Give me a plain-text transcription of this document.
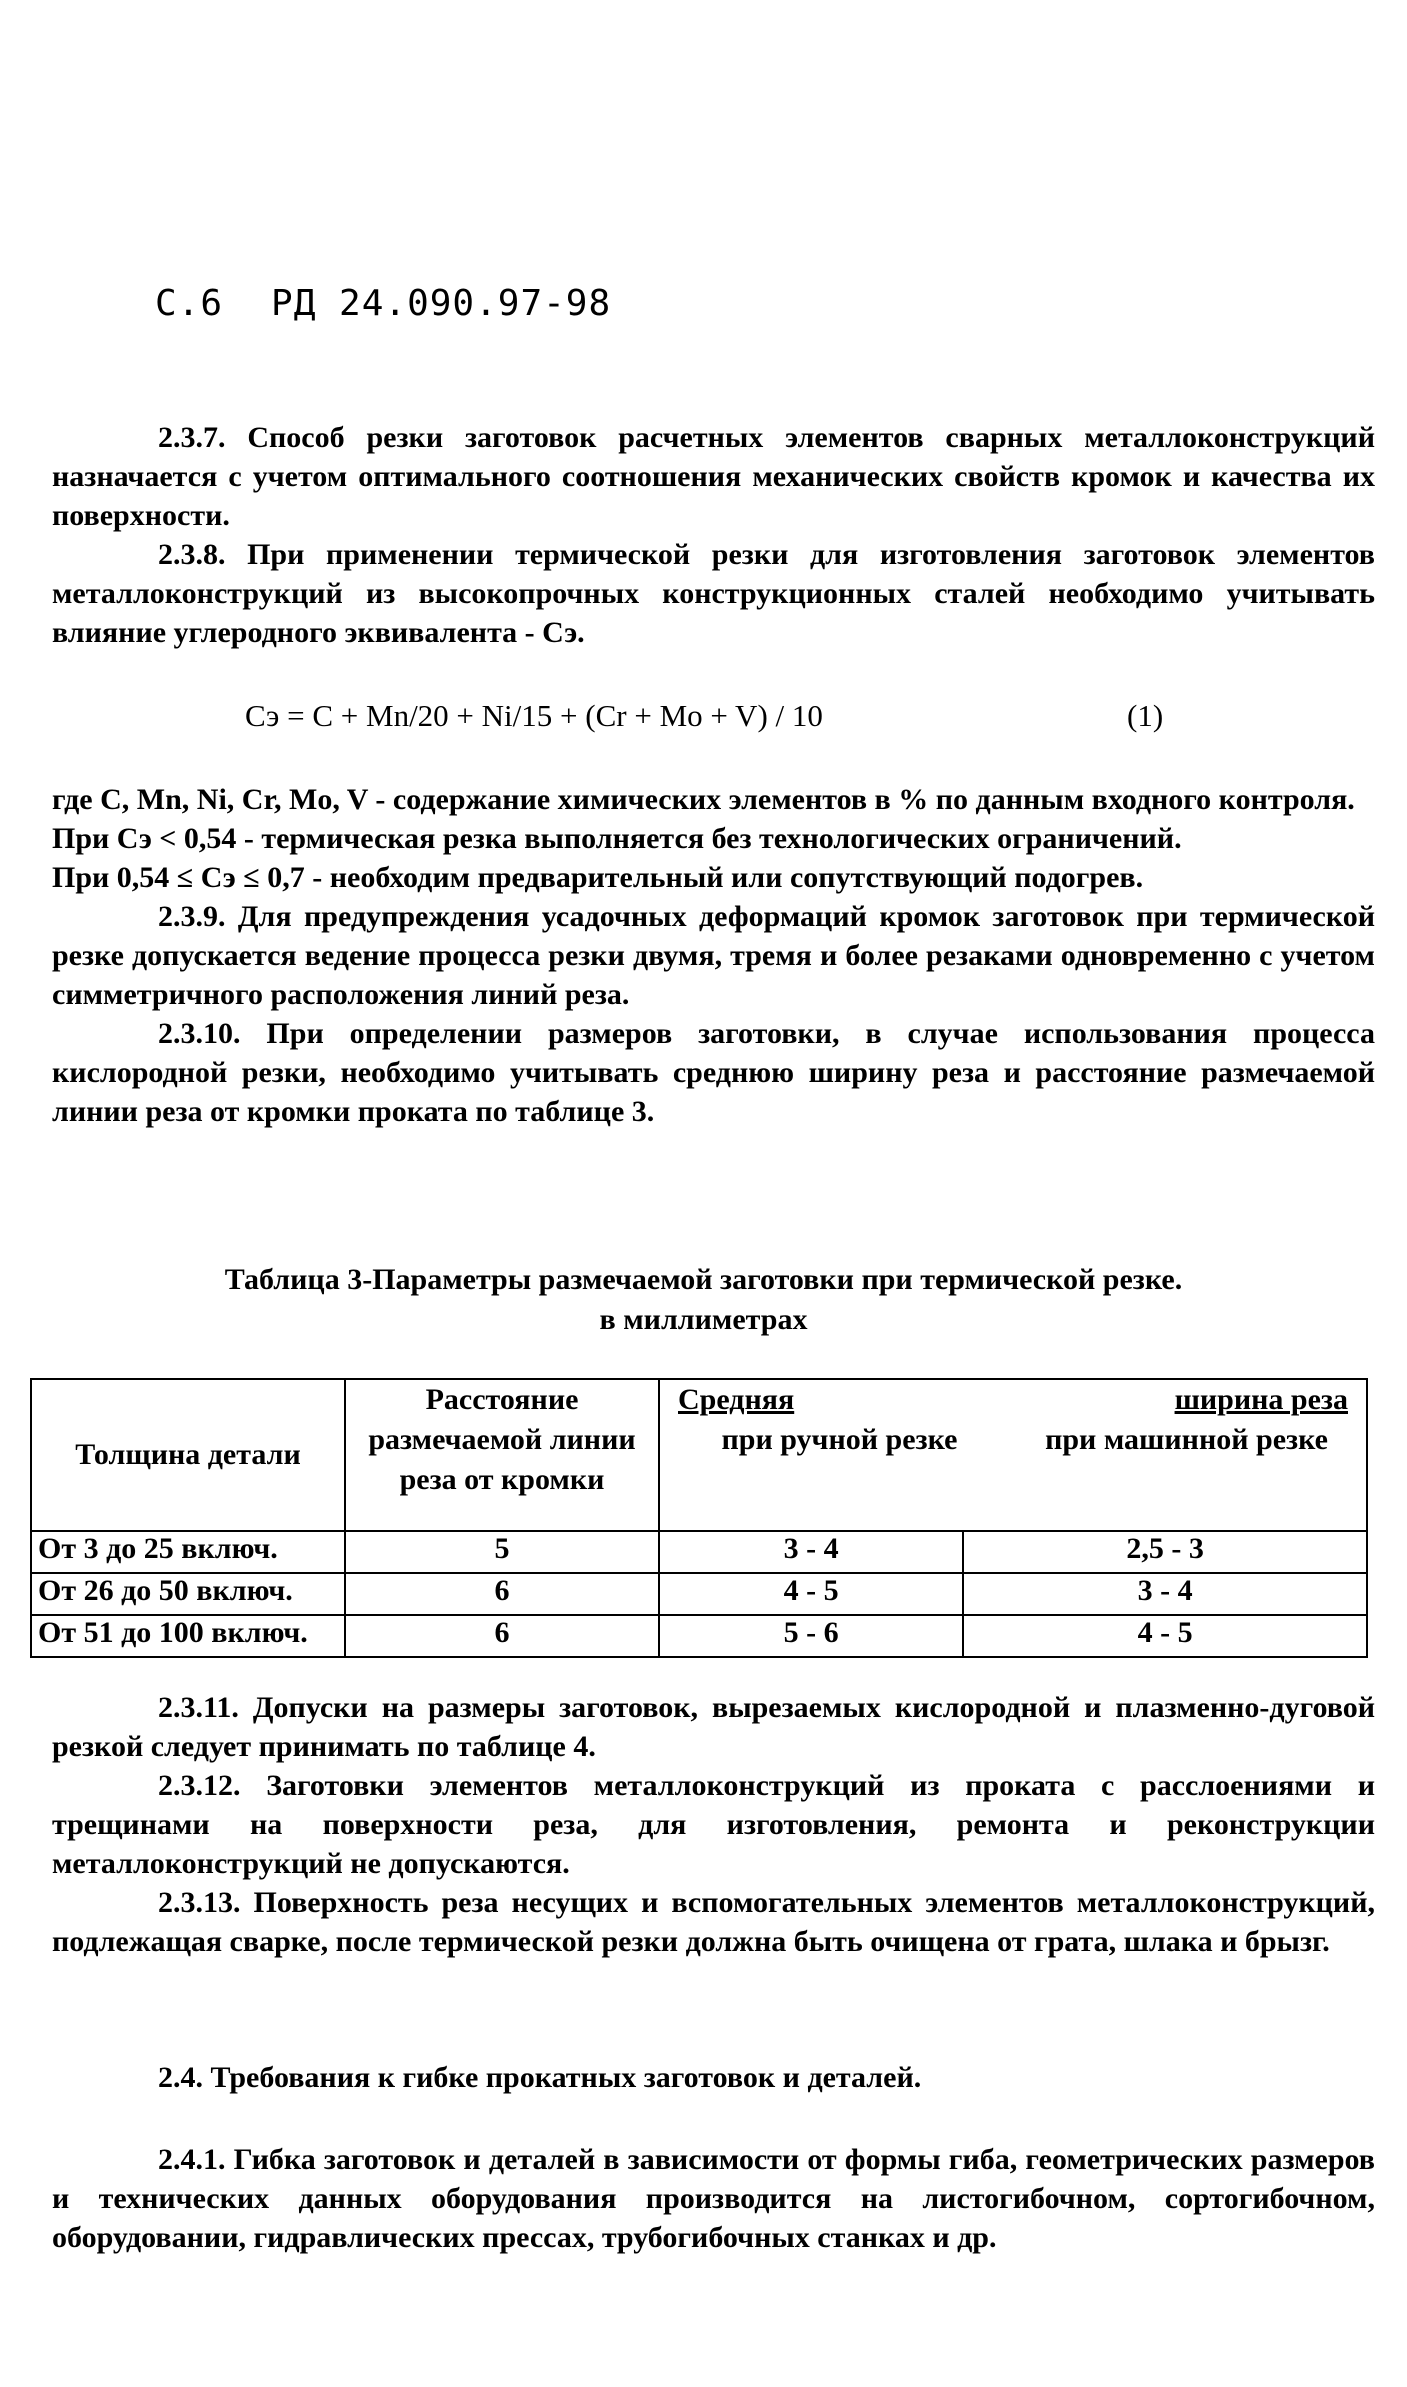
С.6 РД 24.090.97-98

2.3.7. Способ резки заготовок расчетных элементов сварных металлоконструкций назначается с учетом оптимального соотношения механических свойств кромок и качества их поверхности.

2.3.8. При применении термической резки для изготовления заготовок элементов металлоконструкций из высокопрочных конструкционных сталей необходимо учитывать влияние углеродного эквивалента - Сэ.

Сэ = С + Mn/20 + Ni/15 + (Cr + Mo + V) / 10	(1)

где С, Mn, Ni, Cr, Mo, V - содержание химических элементов в % по данным входного контроля.

При Сэ < 0,54 - термическая резка выполняется без технологических ограничений.

При 0,54 ≤ Сэ ≤ 0,7 - необходим предварительный или сопутствующий подогрев.

2.3.9. Для предупреждения усадочных деформаций кромок заготовок при термической резке допускается ведение процесса резки двумя, тремя и более резаками одновременно с учетом симметричного расположения линий реза.

2.3.10. При определении размеров заготовки, в случае использования процесса кислородной резки, необходимо учитывать среднюю ширину реза и расстояние размечаемой линии реза от кромки проката по таблице 3.

Таблица 3-Параметры размечаемой заготовки при термической резке.
в миллиметрах
Толщина детали	Расстояние размечаемой линии реза от кромки	Средняя ширина реза
при ручной резке при машинной резке	

От 3 до 25 включ.	5	3 - 4	2,5 - 3
От 26 до 50 включ.	6	4 - 5	3 - 4
От 51 до 100 включ.	6	5 - 6	4 - 5

2.3.11. Допуски на размеры заготовок, вырезаемых кислородной и плазменно-дуговой резкой следует принимать по таблице 4.

2.3.12. Заготовки элементов металлоконструкций из проката с расслоениями и трещинами на поверхности реза, для изготовления, ремонта и реконструкции металлоконструкций не допускаются.

2.3.13. Поверхность реза несущих и вспомогательных элементов металлоконструкций, подлежащая сварке, после термической резки должна быть очищена от грата, шлака и брызг.

2.4. Требования к гибке прокатных заготовок и деталей.

2.4.1. Гибка заготовок и деталей в зависимости от формы гиба, геометрических размеров и технических данных оборудования производится на листогибочном, сортогибочном, оборудовании, гидравлических прессах, трубогибочных станках и др.
